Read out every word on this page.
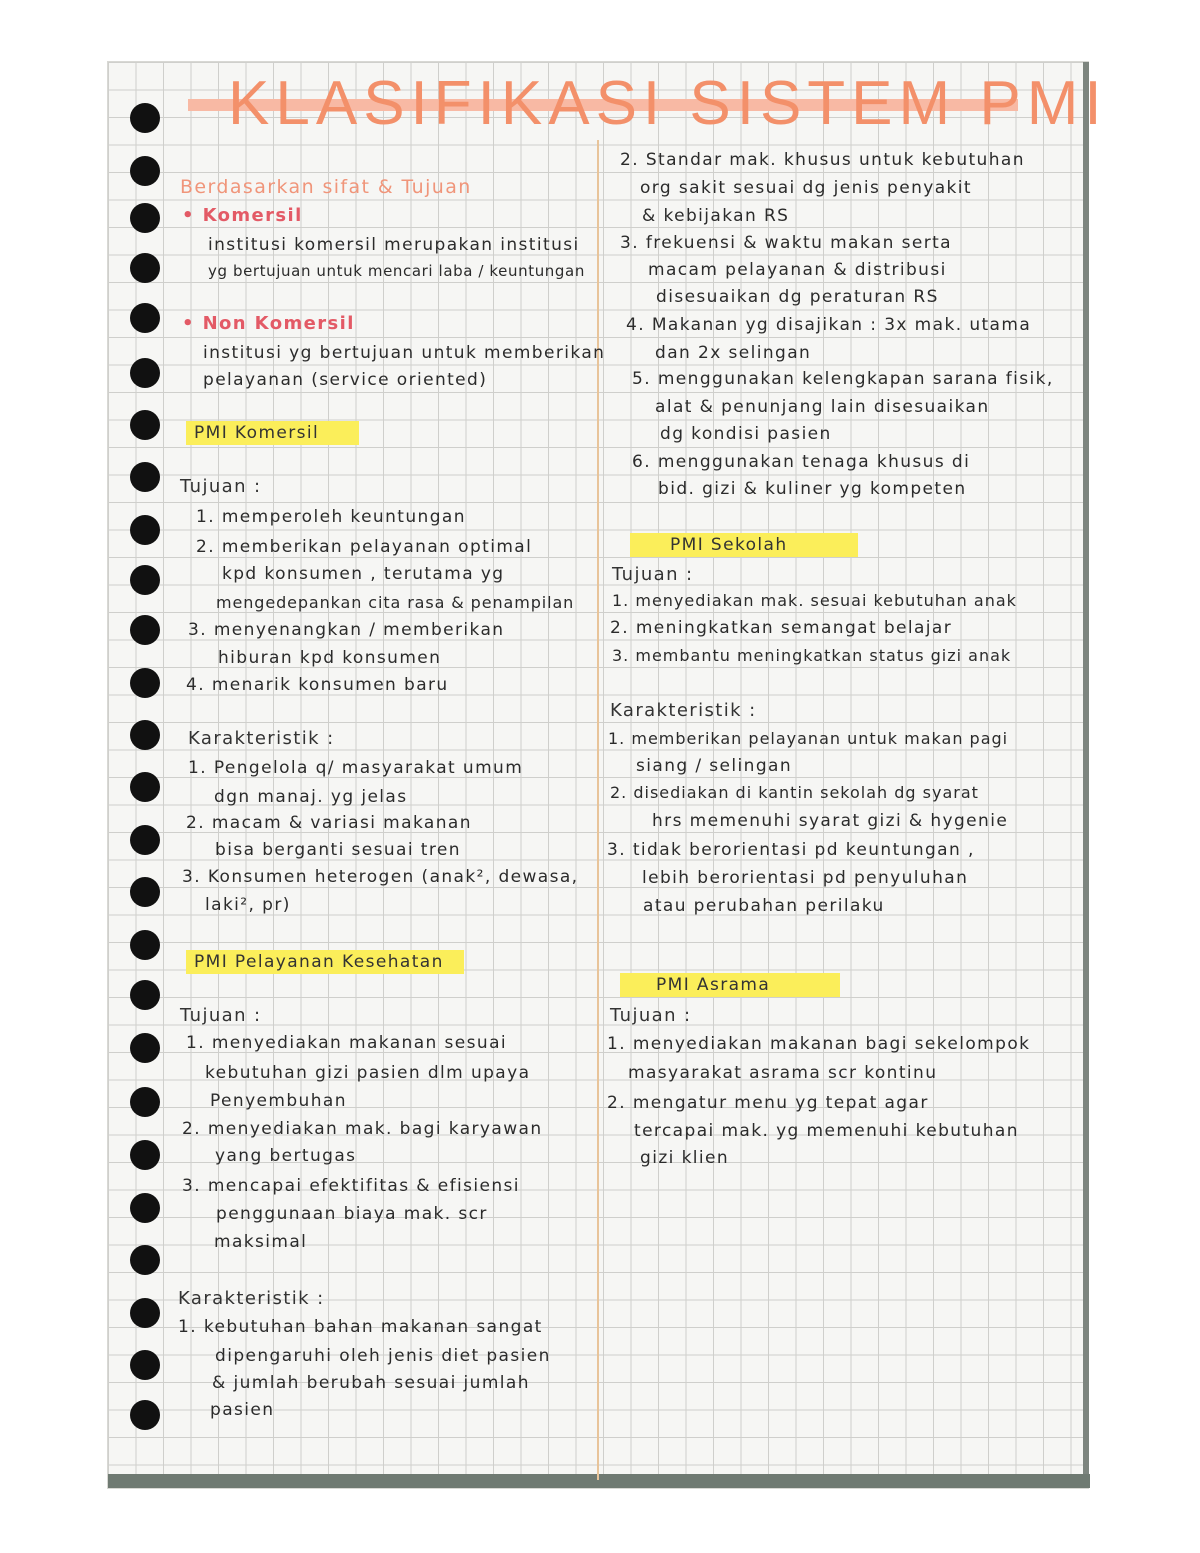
KLASIFIKASI SISTEM PMI
Berdasarkan sifat & Tujuan
• Komersil
institusi komersil merupakan institusi
yg bertujuan untuk mencari laba / keuntungan
• Non Komersil
institusi yg bertujuan untuk memberikan
pelayanan (service oriented)
PMI Komersil
Tujuan :
1. memperoleh keuntungan
2. memberikan pelayanan optimal
kpd konsumen , terutama yg
mengedepankan cita rasa & penampilan
3. menyenangkan / memberikan
hiburan kpd konsumen
4. menarik konsumen baru
Karakteristik :
1. Pengelola q/ masyarakat umum
dgn manaj. yg jelas
2. macam & variasi makanan
bisa berganti sesuai tren
3. Konsumen heterogen (anak², dewasa,
laki², pr)
PMI Pelayanan Kesehatan
Tujuan :
1. menyediakan makanan sesuai
kebutuhan gizi pasien dlm upaya
Penyembuhan
2. menyediakan mak. bagi karyawan
yang bertugas
3. mencapai efektifitas & efisiensi
penggunaan biaya mak. scr
maksimal
Karakteristik :
1. kebutuhan bahan makanan sangat
dipengaruhi oleh jenis diet pasien
& jumlah berubah sesuai jumlah
pasien
2. Standar mak. khusus untuk kebutuhan
org sakit sesuai dg jenis penyakit
& kebijakan RS
3. frekuensi & waktu makan serta
macam pelayanan & distribusi
disesuaikan dg peraturan RS
4. Makanan yg disajikan : 3x mak. utama
dan 2x selingan
5. menggunakan kelengkapan sarana fisik,
alat & penunjang lain disesuaikan
dg kondisi pasien
6. menggunakan tenaga khusus di
bid. gizi & kuliner yg kompeten
PMI Sekolah
Tujuan :
1. menyediakan mak. sesuai kebutuhan anak
2. meningkatkan semangat belajar
3. membantu meningkatkan status gizi anak
Karakteristik :
1. memberikan pelayanan untuk makan pagi
siang / selingan
2. disediakan di kantin sekolah dg syarat
hrs memenuhi syarat gizi & hygenie
3. tidak berorientasi pd keuntungan ,
lebih berorientasi pd penyuluhan
atau perubahan perilaku
PMI Asrama
Tujuan :
1. menyediakan makanan bagi sekelompok
masyarakat asrama scr kontinu
2. mengatur menu yg tepat agar
tercapai mak. yg memenuhi kebutuhan
gizi klien
